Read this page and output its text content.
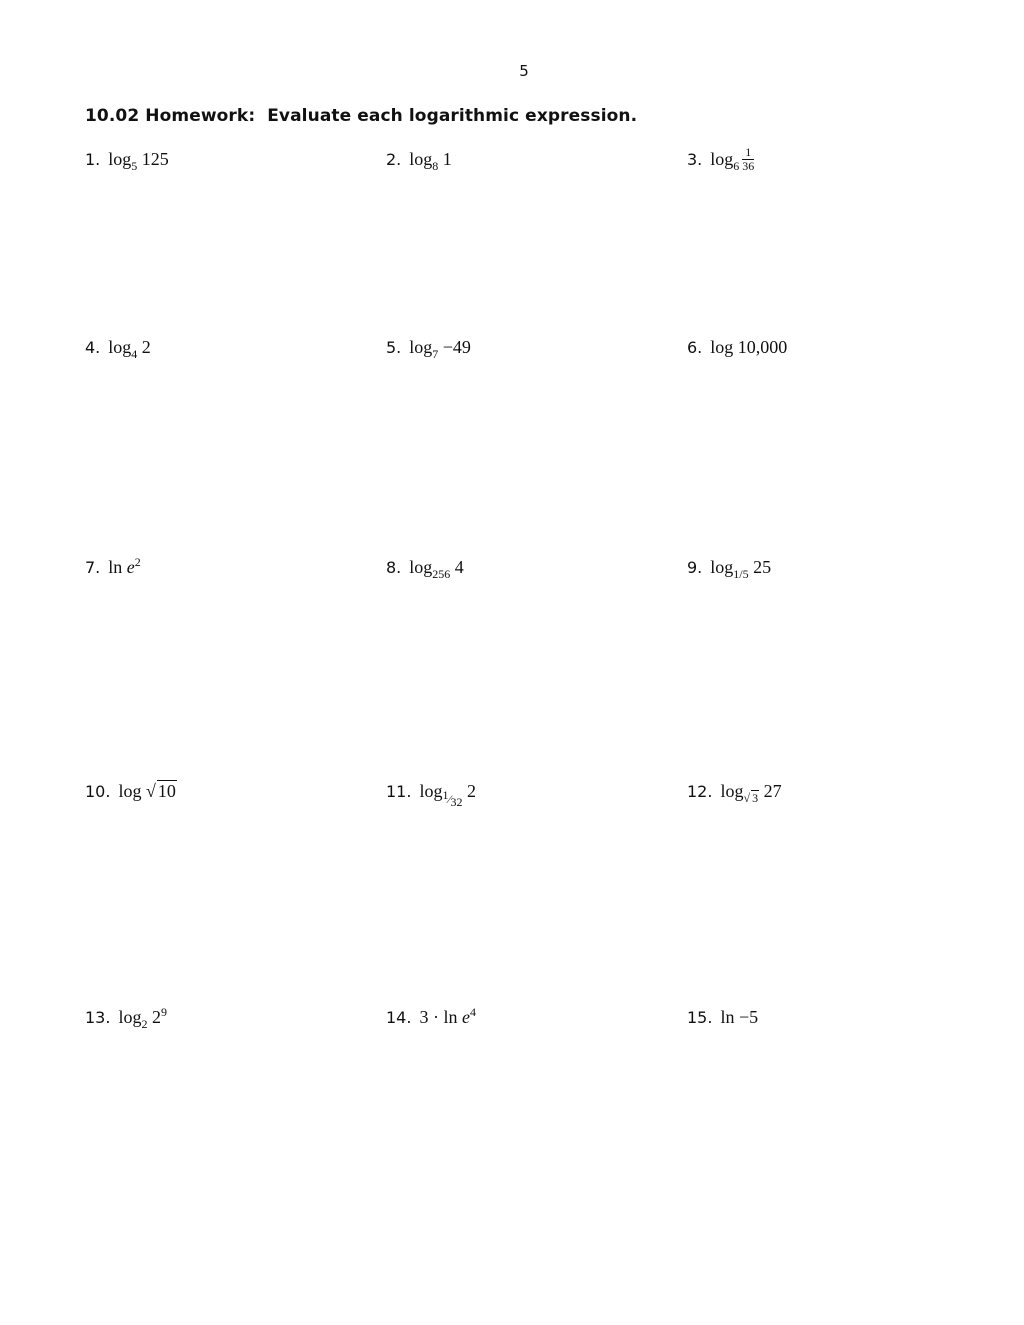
5
10.02 Homework: Evaluate each logarithmic expression.
1. $\log_5 125$	2. $\log_8 1$	3. $\log_6 \frac{1}{36}$
4. $\log_4 2$	5. $\log_7 -49$	6. log 10,000
7. $\ln e^2$	8. $\log_{256} 4$	9. $\log_{1/5} 25$
10. log √ 10	11. $\log_{1⁄32} 2$	12. $\log_{√ 3} 27$
13. $\log_2 2^9$	14. $3 \cdot \ln e^4$	15. ln −5
